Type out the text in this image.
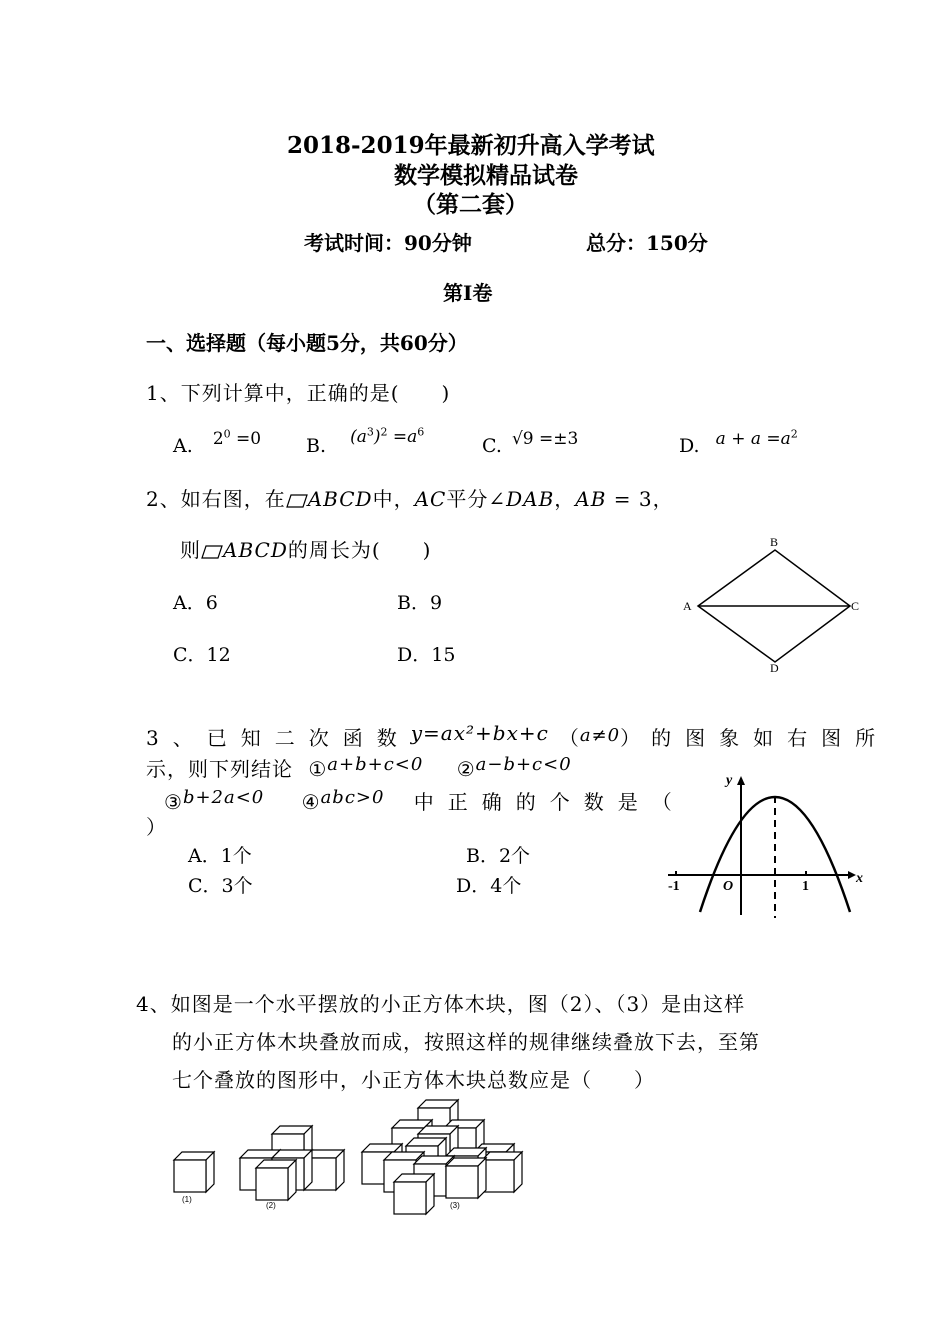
2018-2019年最新初升高入学考试
数学模拟精品试卷
（第二套）
考试时间：90分钟	总分：150分
第Ⅰ卷
一、选择题（每小题5分，共60分）
1、下列计算中，正确的是(　　)
A. $2^0 =0$ B. $(a^3)^2 =a^6$
C. √9 =±3	D. $a + a =a^2$
2、如右图，在 ABCD中，AC平分∠DAB，AB = 3，
则 ABCD的周长为(　　)
A．6	B．9
C．12	D．15
B
A	C
D
3、已知二次函数y=ax²+bx+c （a≠0） 的图象如右图所
示，则下列结论 ①a+b+c<0 ②a−b+c<0
③b+2a<0 ④abc>0 中正确的个数是（
）
A．1个	B．2个
C．3个	D．4个
y
x
O
-1	1
4、如图是一个水平摆放的小正方体木块，图（2）、（3）是由这样
的小正方体木块叠放而成，按照这样的规律继续叠放下去，至第
七个叠放的图形中，小正方体木块总数应是（　　）
(1)
(2)	(3)
